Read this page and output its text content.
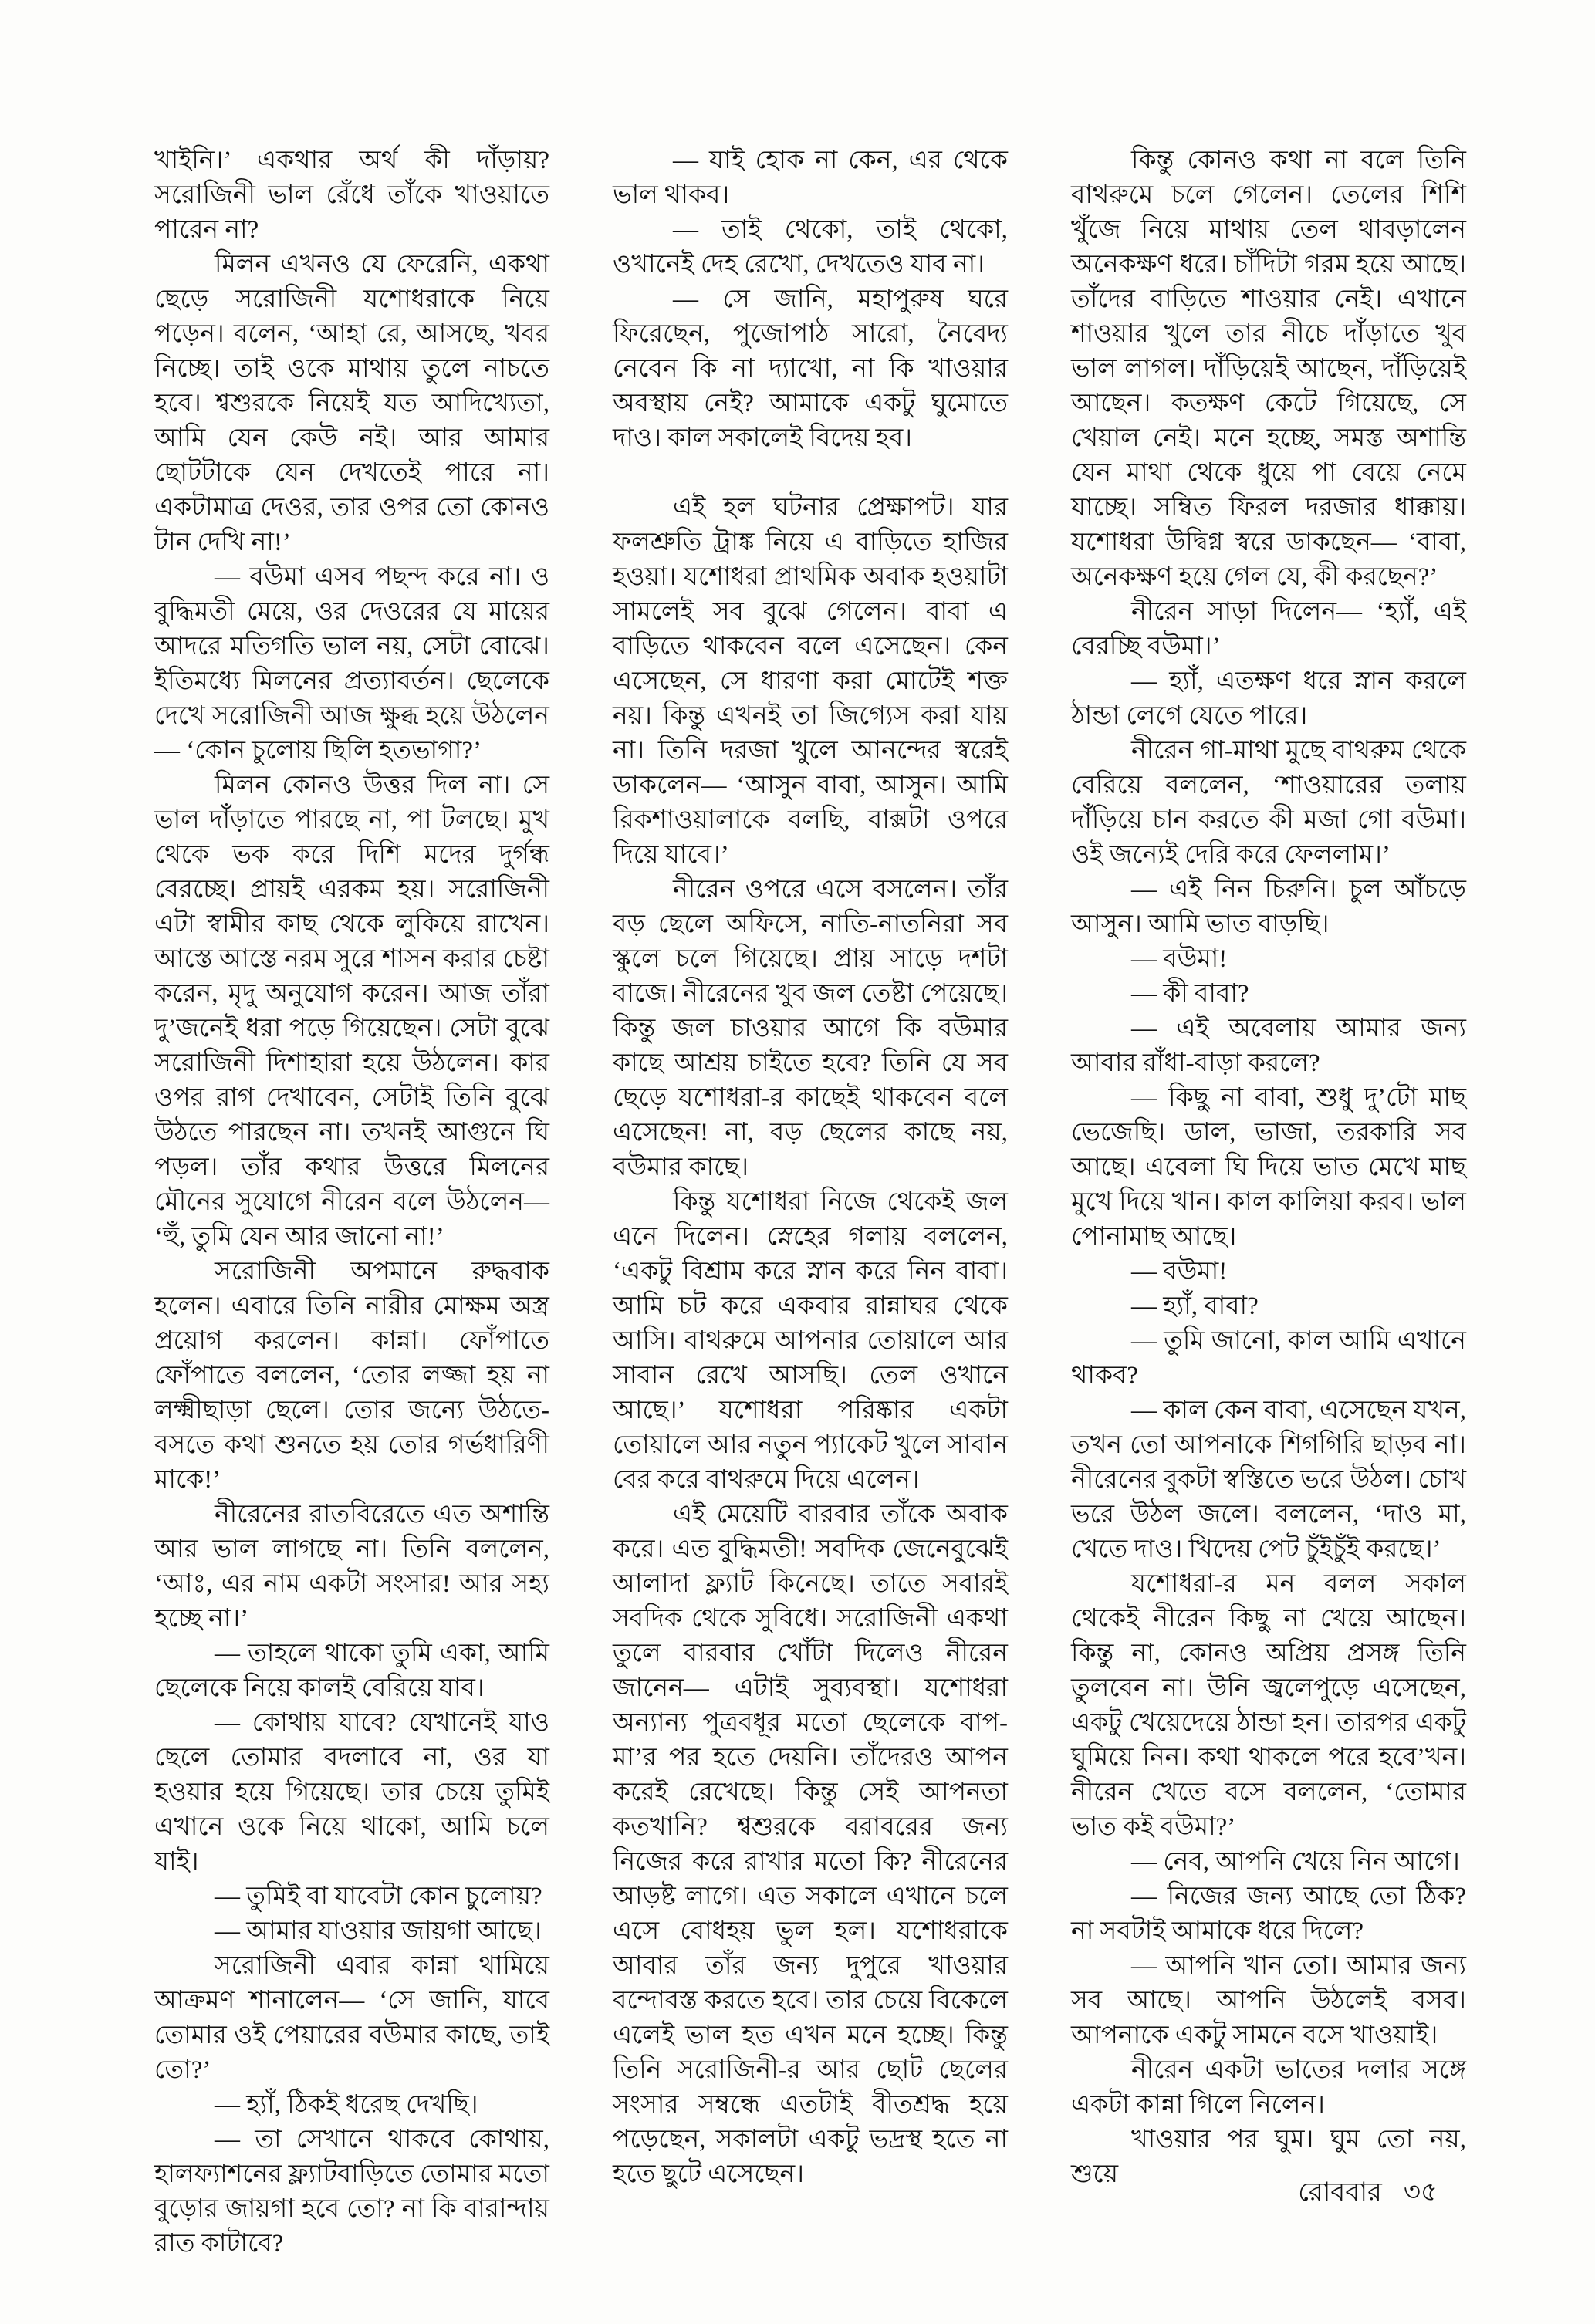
খাইনি।’ একথার অর্থ কী দাঁড়ায়? সরোজিনী ভাল রেঁধে তাঁকে খাওয়াতে পারেন না?

মিলন এখনও যে ফেরেনি, একথা ছেড়ে সরোজিনী যশোধরাকে নিয়ে পড়েন। বলেন, ‘আহা রে, আসছে, খবর নিচ্ছে। তাই ওকে মাথায় তুলে নাচতে হবে। শ্বশুরকে নিয়েই যত আদিখ্যেতা, আমি যেন কেউ নই। আর আমার ছোটটাকে যেন দেখতেই পারে না। একটামাত্র দেওর, তার ওপর তো কোনও টান দেখি না!’

— বউমা এসব পছন্দ করে না। ও বুদ্ধিমতী মেয়ে, ওর দেওরের যে মায়ের আদরে মতিগতি ভাল নয়, সেটা বোঝে। ইতিমধ্যে মিলনের প্রত্যাবর্তন। ছেলেকে দেখে সরোজিনী আজ ক্ষুব্ধ হয়ে উঠলেন— ‘কোন চুলোয় ছিলি হতভাগা?’

মিলন কোনও উত্তর দিল না। সে ভাল দাঁড়াতে পারছে না, পা টলছে। মুখ থেকে ভক করে দিশি মদের দুর্গন্ধ বেরচ্ছে। প্রায়ই এরকম হয়। সরোজিনী এটা স্বামীর কাছ থেকে লুকিয়ে রাখেন। আস্তে আস্তে নরম সুরে শাসন করার চেষ্টা করেন, মৃদু অনুযোগ করেন। আজ তাঁরা দু’জনেই ধরা পড়ে গিয়েছেন। সেটা বুঝে সরোজিনী দিশাহারা হয়ে উঠলেন। কার ওপর রাগ দেখাবেন, সেটাই তিনি বুঝে উঠতে পারছেন না। তখনই আগুনে ঘি পড়ল। তাঁর কথার উত্তরে মিলনের মৌনের সুযোগে নীরেন বলে উঠলেন— ‘হুঁ, তুমি যেন আর জানো না!’

সরোজিনী অপমানে রুদ্ধবাক হলেন। এবারে তিনি নারীর মোক্ষম অস্ত্র প্রয়োগ করলেন। কান্না। ফোঁপাতে ফোঁপাতে বললেন, ‘তোর লজ্জা হয় না লক্ষ্মীছাড়া ছেলে। তোর জন্যে উঠতে-বসতে কথা শুনতে হয় তোর গর্ভধারিণী মাকে!’

নীরেনের রাতবিরেতে এত অশান্তি আর ভাল লাগছে না। তিনি বললেন, ‘আঃ, এর নাম একটা সংসার! আর সহ্য হচ্ছে না।’

— তাহলে থাকো তুমি একা, আমি ছেলেকে নিয়ে কালই বেরিয়ে যাব।

— কোথায় যাবে? যেখানেই যাও ছেলে তোমার বদলাবে না, ওর যা হওয়ার হয়ে গিয়েছে। তার চেয়ে তুমিই এখানে ওকে নিয়ে থাকো, আমি চলে যাই।

— তুমিই বা যাবেটা কোন চুলোয়?

— আমার যাওয়ার জায়গা আছে।

সরোজিনী এবার কান্না থামিয়ে আক্রমণ শানালেন— ‘সে জানি, যাবে তোমার ওই পেয়ারের বউমার কাছে, তাই তো?’

— হ্যাঁ, ঠিকই ধরেছ দেখছি।

— তা সেখানে থাকবে কোথায়, হালফ্যাশনের ফ্ল্যাটবাড়িতে তোমার মতো বুড়োর জায়গা হবে তো? না কি বারান্দায় রাত কাটাবে?

— যাই হোক না কেন, এর থেকে ভাল থাকব।

— তাই থেকো, তাই থেকো, ওখানেই দেহ রেখো, দেখতেও যাব না।

— সে জানি, মহাপুরুষ ঘরে ফিরেছেন, পুজোপাঠ সারো, নৈবেদ্য নেবেন কি না দ্যাখো, না কি খাওয়ার অবস্থায় নেই? আমাকে একটু ঘুমোতে দাও। কাল সকালেই বিদেয় হব।

এই হল ঘটনার প্রেক্ষাপট। যার ফলশ্রুতি ট্রাঙ্ক নিয়ে এ বাড়িতে হাজির হওয়া। যশোধরা প্রাথমিক অবাক হওয়াটা সামলেই সব বুঝে গেলেন। বাবা এ বাড়িতে থাকবেন বলে এসেছেন। কেন এসেছেন, সে ধারণা করা মোটেই শক্ত নয়। কিন্তু এখনই তা জিগ্যেস করা যায় না। তিনি দরজা খুলে আনন্দের স্বরেই ডাকলেন— ‘আসুন বাবা, আসুন। আমি রিকশাওয়ালাকে বলছি, বাক্সটা ওপরে দিয়ে যাবে।’

নীরেন ওপরে এসে বসলেন। তাঁর বড় ছেলে অফিসে, নাতি-নাতনিরা সব স্কুলে চলে গিয়েছে। প্রায় সাড়ে দশটা বাজে। নীরেনের খুব জল তেষ্টা পেয়েছে। কিন্তু জল চাওয়ার আগে কি বউমার কাছে আশ্রয় চাইতে হবে? তিনি যে সব ছেড়ে যশোধরা-র কাছেই থাকবেন বলে এসেছেন! না, বড় ছেলের কাছে নয়, বউমার কাছে।

কিন্তু যশোধরা নিজে থেকেই জল এনে দিলেন। স্নেহের গলায় বললেন, ‘একটু বিশ্রাম করে স্নান করে নিন বাবা। আমি চট করে একবার রান্নাঘর থেকে আসি। বাথরুমে আপনার তোয়ালে আর সাবান রেখে আসছি। তেল ওখানে আছে।’ যশোধরা পরিষ্কার একটা তোয়ালে আর নতুন প্যাকেট খুলে সাবান বের করে বাথরুমে দিয়ে এলেন।

এই মেয়েটি বারবার তাঁকে অবাক করে। এত বুদ্ধিমতী! সবদিক জেনেবুঝেই আলাদা ফ্ল্যাট কিনেছে। তাতে সবারই সবদিক থেকে সুবিধে। সরোজিনী একথা তুলে বারবার খোঁটা দিলেও নীরেন জানেন— এটাই সুব্যবস্থা। যশোধরা অন্যান্য পুত্রবধূর মতো ছেলেকে বাপ-মা’র পর হতে দেয়নি। তাঁদেরও আপন করেই রেখেছে। কিন্তু সেই আপনতা কতখানি? শ্বশুরকে বরাবরের জন্য নিজের করে রাখার মতো কি? নীরেনের আড়ষ্ট লাগে। এত সকালে এখানে চলে এসে বোধহয় ভুল হল। যশোধরাকে আবার তাঁর জন্য দুপুরে খাওয়ার বন্দোবস্ত করতে হবে। তার চেয়ে বিকেলে এলেই ভাল হত এখন মনে হচ্ছে। কিন্তু তিনি সরোজিনী-র আর ছোট ছেলের সংসার সম্বন্ধে এতটাই বীতশ্রদ্ধ হয়ে পড়েছেন, সকালটা একটু ভদ্রস্থ হতে না হতে ছুটে এসেছেন।

কিন্তু কোনও কথা না বলে তিনি বাথরুমে চলে গেলেন। তেলের শিশি খুঁজে নিয়ে মাথায় তেল থাবড়ালেন অনেকক্ষণ ধরে। চাঁদিটা গরম হয়ে আছে। তাঁদের বাড়িতে শাওয়ার নেই। এখানে শাওয়ার খুলে তার নীচে দাঁড়াতে খুব ভাল লাগল। দাঁড়িয়েই আছেন, দাঁড়িয়েই আছেন। কতক্ষণ কেটে গিয়েছে, সে খেয়াল নেই। মনে হচ্ছে, সমস্ত অশান্তি যেন মাথা থেকে ধুয়ে পা বেয়ে নেমে যাচ্ছে। সম্বিত ফিরল দরজার ধাক্কায়। যশোধরা উদ্বিগ্ন স্বরে ডাকছেন— ‘বাবা, অনেকক্ষণ হয়ে গেল যে, কী করছেন?’

নীরেন সাড়া দিলেন— ‘হ্যাঁ, এই বেরচ্ছি বউমা।’

— হ্যাঁ, এতক্ষণ ধরে স্নান করলে ঠান্ডা লেগে যেতে পারে।

নীরেন গা-মাথা মুছে বাথরুম থেকে বেরিয়ে বললেন, ‘শাওয়ারের তলায় দাঁড়িয়ে চান করতে কী মজা গো বউমা। ওই জন্যেই দেরি করে ফেললাম।’

— এই নিন চিরুনি। চুল আঁচড়ে আসুন। আমি ভাত বাড়ছি।

— বউমা!

— কী বাবা?

— এই অবেলায় আমার জন্য আবার রাঁধা-বাড়া করলে?

— কিছু না বাবা, শুধু দু’টো মাছ ভেজেছি। ডাল, ভাজা, তরকারি সব আছে। এবেলা ঘি দিয়ে ভাত মেখে মাছ মুখে দিয়ে খান। কাল কালিয়া করব। ভাল পোনামাছ আছে।

— বউমা!

— হ্যাঁ, বাবা?

— তুমি জানো, কাল আমি এখানে থাকব?

— কাল কেন বাবা, এসেছেন যখন, তখন তো আপনাকে শিগগিরি ছাড়ব না। নীরেনের বুকটা স্বস্তিতে ভরে উঠল। চোখ ভরে উঠল জলে। বললেন, ‘দাও মা, খেতে দাও। খিদেয় পেট চুঁইচুঁই করছে।’

যশোধরা-র মন বলল সকাল থেকেই নীরেন কিছু না খেয়ে আছেন। কিন্তু না, কোনও অপ্রিয় প্রসঙ্গ তিনি তুলবেন না। উনি জ্বলেপুড়ে এসেছেন, একটু খেয়েদেয়ে ঠান্ডা হন। তারপর একটু ঘুমিয়ে নিন। কথা থাকলে পরে হবে’খন। নীরেন খেতে বসে বললেন, ‘তোমার ভাত কই বউমা?’

— নেব, আপনি খেয়ে নিন আগে।

— নিজের জন্য আছে তো ঠিক? না সবটাই আমাকে ধরে দিলে?

— আপনি খান তো। আমার জন্য সব আছে। আপনি উঠলেই বসব। আপনাকে একটু সামনে বসে খাওয়াই।

নীরেন একটা ভাতের দলার সঙ্গে একটা কান্না গিলে নিলেন।

খাওয়ার পর ঘুম। ঘুম তো নয়, শুয়ে

রোববার ৩৫
